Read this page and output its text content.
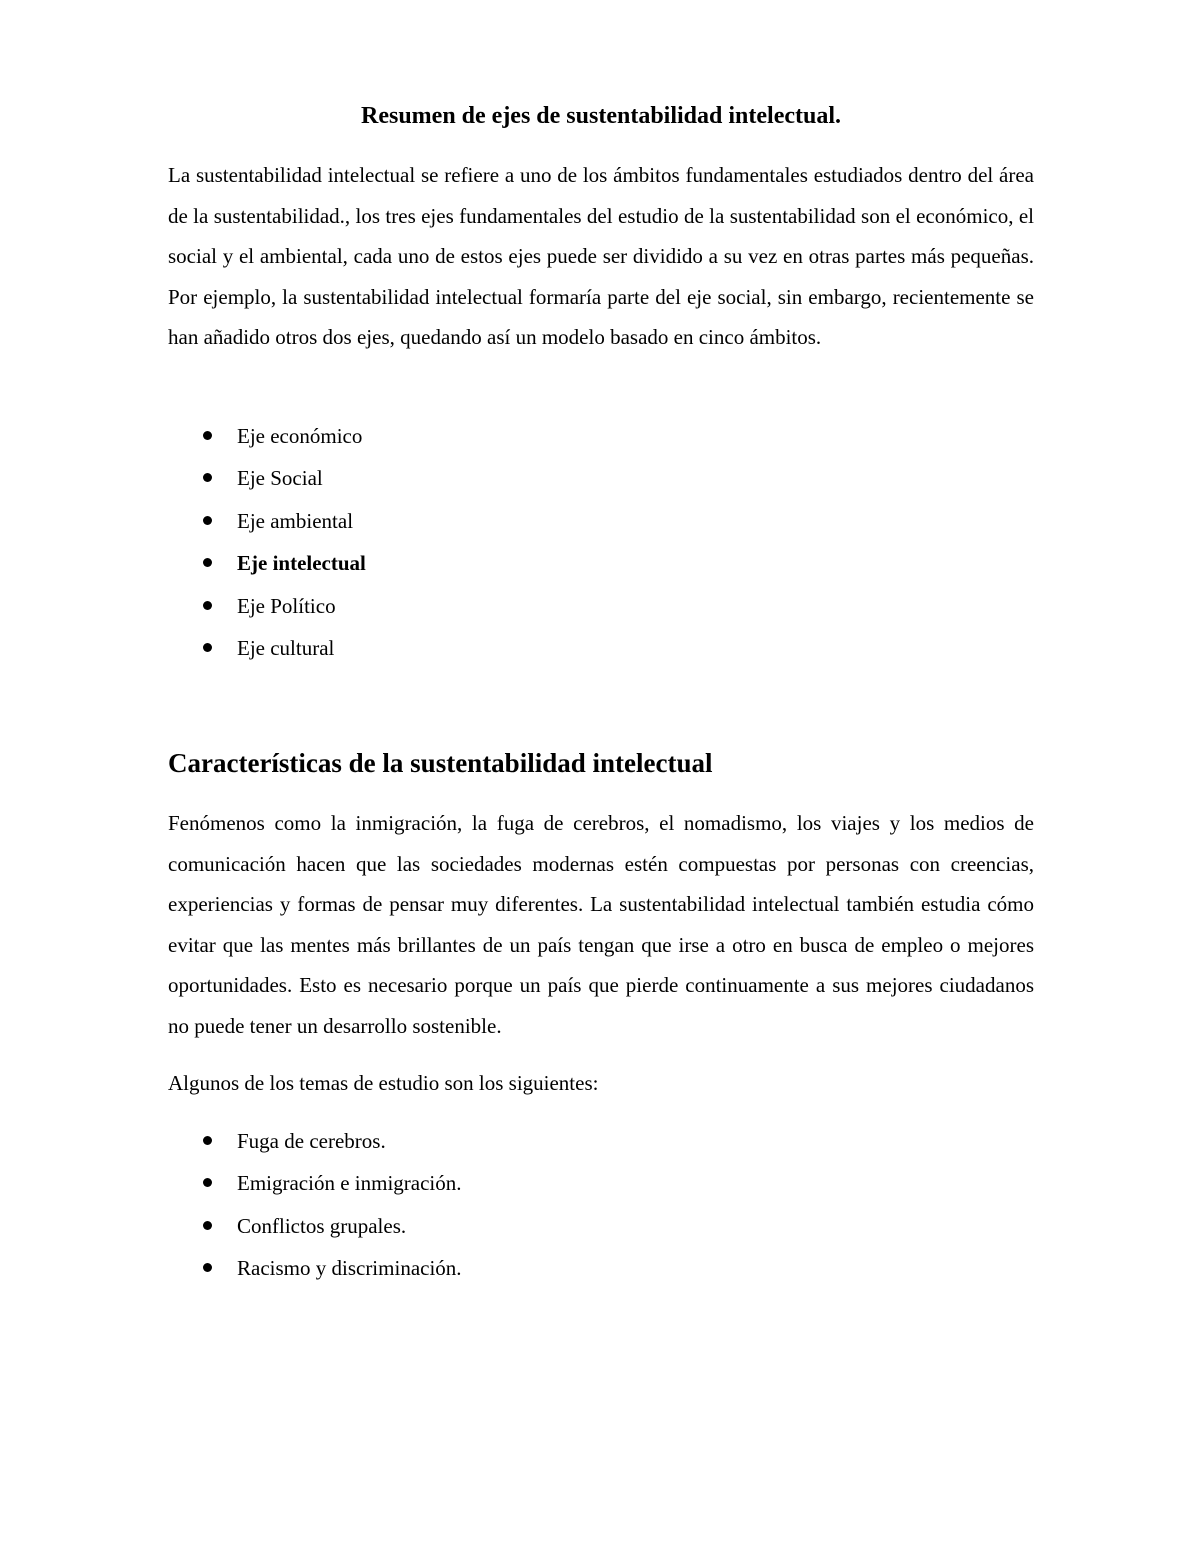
Resumen de ejes de sustentabilidad intelectual.

La sustentabilidad intelectual se refiere a uno de los ámbitos fundamentales estudiados dentro del área de la sustentabilidad., los tres ejes fundamentales del estudio de la sustentabilidad son el económico, el social y el ambiental, cada uno de estos ejes puede ser dividido a su vez en otras partes más pequeñas. Por ejemplo, la sustentabilidad intelectual formaría parte del eje social, sin embargo, recientemente se han añadido otros dos ejes, quedando así un modelo basado en cinco ámbitos.

Eje económico
Eje Social
Eje ambiental
Eje intelectual
Eje Político
Eje cultural
Características de la sustentabilidad intelectual

Fenómenos como la inmigración, la fuga de cerebros, el nomadismo, los viajes y los medios de comunicación hacen que las sociedades modernas estén compuestas por personas con creencias, experiencias y formas de pensar muy diferentes. La sustentabilidad intelectual también estudia cómo evitar que las mentes más brillantes de un país tengan que irse a otro en busca de empleo o mejores oportunidades. Esto es necesario porque un país que pierde continuamente a sus mejores ciudadanos no puede tener un desarrollo sostenible.

Algunos de los temas de estudio son los siguientes:

Fuga de cerebros.
Emigración e inmigración.
Conflictos grupales.
Racismo y discriminación.
